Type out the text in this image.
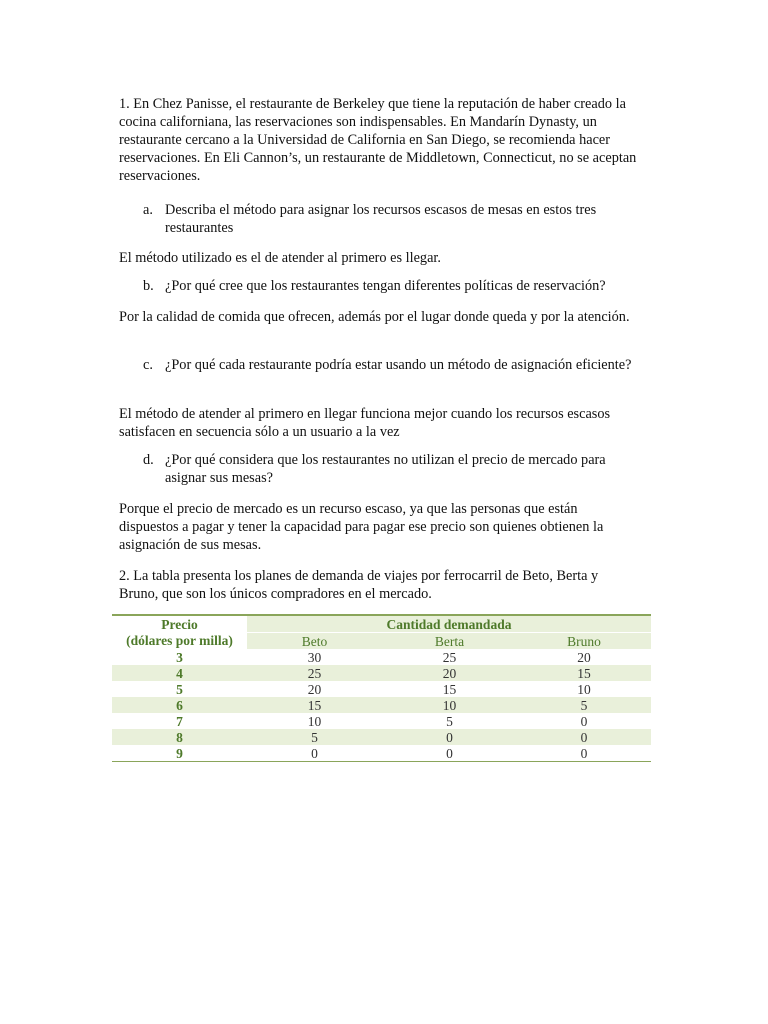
1. En Chez Panisse, el restaurante de Berkeley que tiene la reputación de haber creado la cocina californiana, las reservaciones son indispensables. En Mandarín Dynasty, un restaurante cercano a la Universidad de California en San Diego, se recomienda hacer reservaciones. En Eli Cannon’s, un restaurante de Middletown, Connecticut, no se aceptan reservaciones.

a. Describa el método para asignar los recursos escasos de mesas en estos tres restaurantes

El método utilizado es el de atender al primero es llegar.

b. ¿Por qué cree que los restaurantes tengan diferentes políticas de reservación?

Por la calidad de comida que ofrecen, además por el lugar donde queda y por la atención.

c. ¿Por qué cada restaurante podría estar usando un método de asignación eficiente?

El método de atender al primero en llegar funciona mejor cuando los recursos escasos satisfacen en secuencia sólo a un usuario a la vez

d. ¿Por qué considera que los restaurantes no utilizan el precio de mercado para asignar sus mesas?

Porque el precio de mercado es un recurso escaso, ya que las personas que están dispuestos a pagar y tener la capacidad para pagar ese precio son quienes obtienen la asignación de sus mesas.

2. La tabla presenta los planes de demanda de viajes por ferrocarril de Beto, Berta y Bruno, que son los únicos compradores en el mercado.

Precio	Cantidad demandada		
(dólares por milla)	Beto	Berta	Bruno
3	30	25	20
4	25	20	15
5	20	15	10
6	15	10	5
7	10	5	0
8	5	0	0
9	0	0	0
